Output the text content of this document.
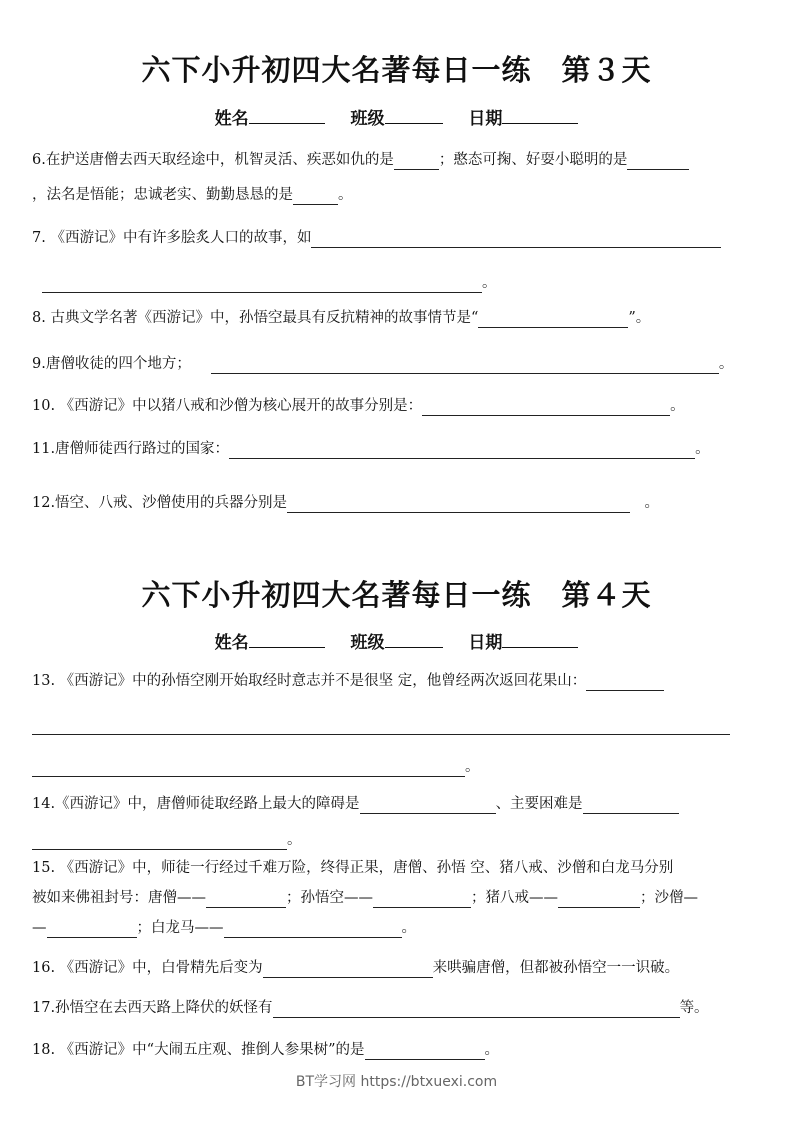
六下小升初四大名著每日一练　第３天
姓名	班级	日期
六下小升初四大名著每日一练　第４天
姓名	班级	日期
6.在护送唐僧去西天取经途中，机智灵活、疾恶如仇的是	；憨态可掬、好耍小聪明的是
，法名是悟能；忠诚老实、勤勤恳恳的是	。
7. 《西游记》中有许多脍炙人口的故事，如
。
8. 古典文学名著《西游记》中，孙悟空最具有反抗精神的故事情节是“	”。
9.唐僧收徒的四个地方；	。
10. 《西游记》中以猪八戒和沙僧为核心展开的故事分别是：	。
11.唐僧师徒西行路过的国家：	。
12.悟空、八戒、沙僧使用的兵器分别是	　。
13. 《西游记》中的孙悟空刚开始取经时意志并不是很坚 定，他曾经两次返回花果山：
。
14.《西游记》中，唐僧师徒取经路上最大的障碍是	、主要困难是
。
15. 《西游记》中，师徒一行经过千难万险，终得正果，唐僧、孙悟 空、猪八戒、沙僧和白龙马分别
被如来佛祖封号：唐僧——	；孙悟空——	；猪八戒——	；沙僧—
—	；白龙马——	。
16. 《西游记》中，白骨精先后变为	来哄骗唐僧，但都被孙悟空一一识破。
17.孙悟空在去西天路上降伏的妖怪有	等。
18. 《西游记》中“大闹五庄观、推倒人参果树”的是	。
BT学习网 https://btxuexi.com
